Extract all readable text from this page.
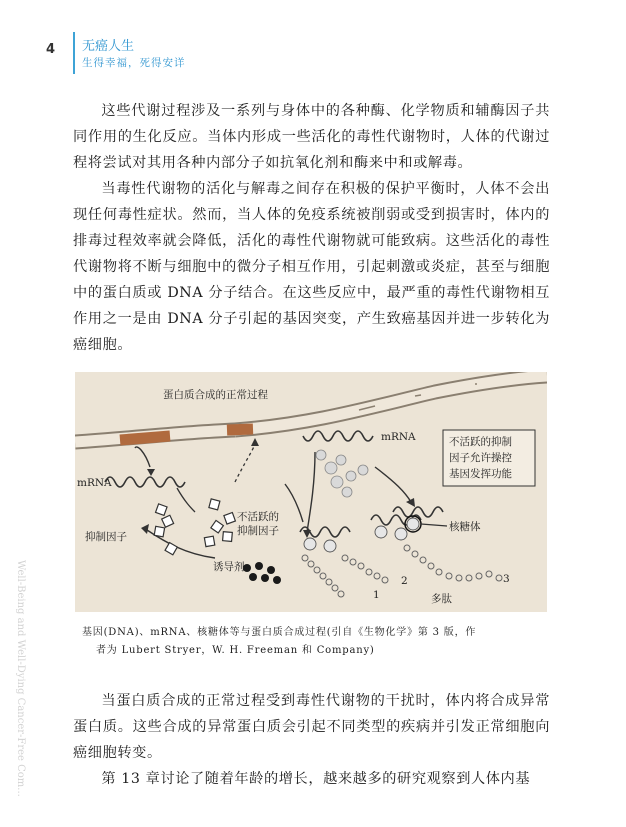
4 无癌人生
生得幸福，死得安详

这些代谢过程涉及一系列与身体中的各种酶、化学物质和辅酶因子共同作用的生化反应。当体内形成一些活化的毒性代谢物时，人体的代谢过程将尝试对其用各种内部分子如抗氧化剂和酶来中和或解毒。

当毒性代谢物的活化与解毒之间存在积极的保护平衡时，人体不会出现任何毒性症状。然而，当人体的免疫系统被削弱或受到损害时，体内的排毒过程效率就会降低，活化的毒性代谢物就可能致病。这些活化的毒性代谢物将不断与细胞中的微分子相互作用，引起刺激或炎症，甚至与细胞中的蛋白质或 DNA 分子结合。在这些反应中，最严重的毒性代谢物相互作用之一是由 DNA 分子引起的基因突变，产生致癌基因并进一步转化为癌细胞。

不活跃的抑制
因子允许操控
基因发挥功能
蛋白质合成的正常过程
mRNA
mRNA
抑制因子
不活跃的
抑制因子
诱导剂
核糖体
多肽
1
2	3
基因(DNA)、mRNA、核糖体等与蛋白质合成过程(引自《生物化学》第 3 版，作
者为 Lubert Stryer，W. H. Freeman 和 Company)

当蛋白质合成的正常过程受到毒性代谢物的干扰时，体内将合成异常蛋白质。这些合成的异常蛋白质会引起不同类型的疾病并引发正常细胞向癌细胞转变。

第 13 章讨论了随着年龄的增长，越来越多的研究观察到人体内基

Well-Being and Well-Dying Cancer-Free Com...
